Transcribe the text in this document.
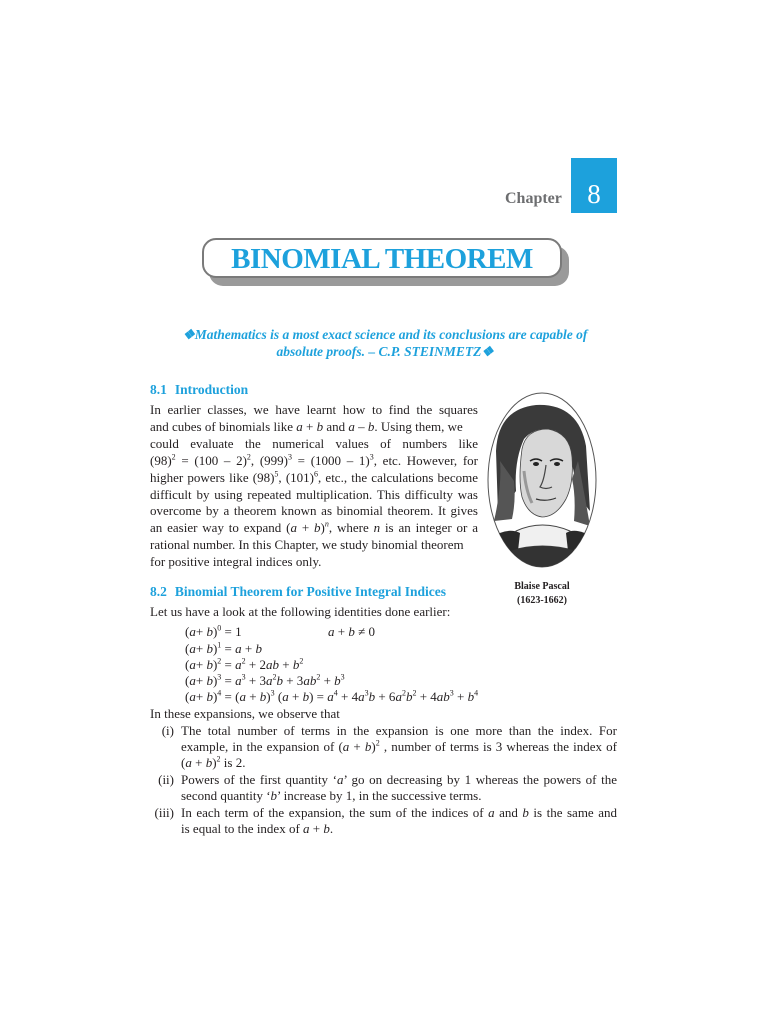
Chapter 8
BINOMIAL THEOREM
❖Mathematics is a most exact science and its conclusions are capable of
absolute proofs. – C.P. STEINMETZ❖
8.1 Introduction
In earlier classes, we have learnt how to find the squares
and cubes of binomials like a + b and a – b. Using them, we
could evaluate the numerical values of numbers like
$(98)^2 = (100 - 2)^2$, $(999)^3 = (1000 - 1)^3$, etc. However, for
higher powers like $(98)^5$, $(101)^6$, etc., the calculations become
difficult by using repeated multiplication. This difficulty was
overcome by a theorem known as binomial theorem. It gives
an easier way to expand $(a + b)^n$, where n is an integer or a
rational number. In this Chapter, we study binomial theorem
for positive integral indices only.
Blaise Pascal
(1623-1662)
8.2 Binomial Theorem for Positive Integral Indices
Let us have a look at the following identities done earlier:
$(a+ b)^0 = 1$	a + b ≠ 0
$(a+ b)^1 = a + b$
$(a+ b)^2 = a^2 + 2ab + b^2$
$(a+ b)^3 = a^3 + 3a^2b + 3ab^2 + b^3$
$(a+ b)^4 = (a + b)^3$ $(a + b) = a^4 + 4a^3b + 6a^2b^2 + 4ab^3 + b^4$
In these expansions, we observe that
(i) The total number of terms in the expansion is one more than the index. For
example, in the expansion of $(a + b)^2$ , number of terms is 3 whereas the index of
$(a + b)^2$ is 2.
(ii) Powers of the first quantity ‘a’ go on decreasing by 1 whereas the powers of the
second quantity ‘b’ increase by 1, in the successive terms.
(iii) In each term of the expansion, the sum of the indices of a and b is the same and
is equal to the index of a + b.
